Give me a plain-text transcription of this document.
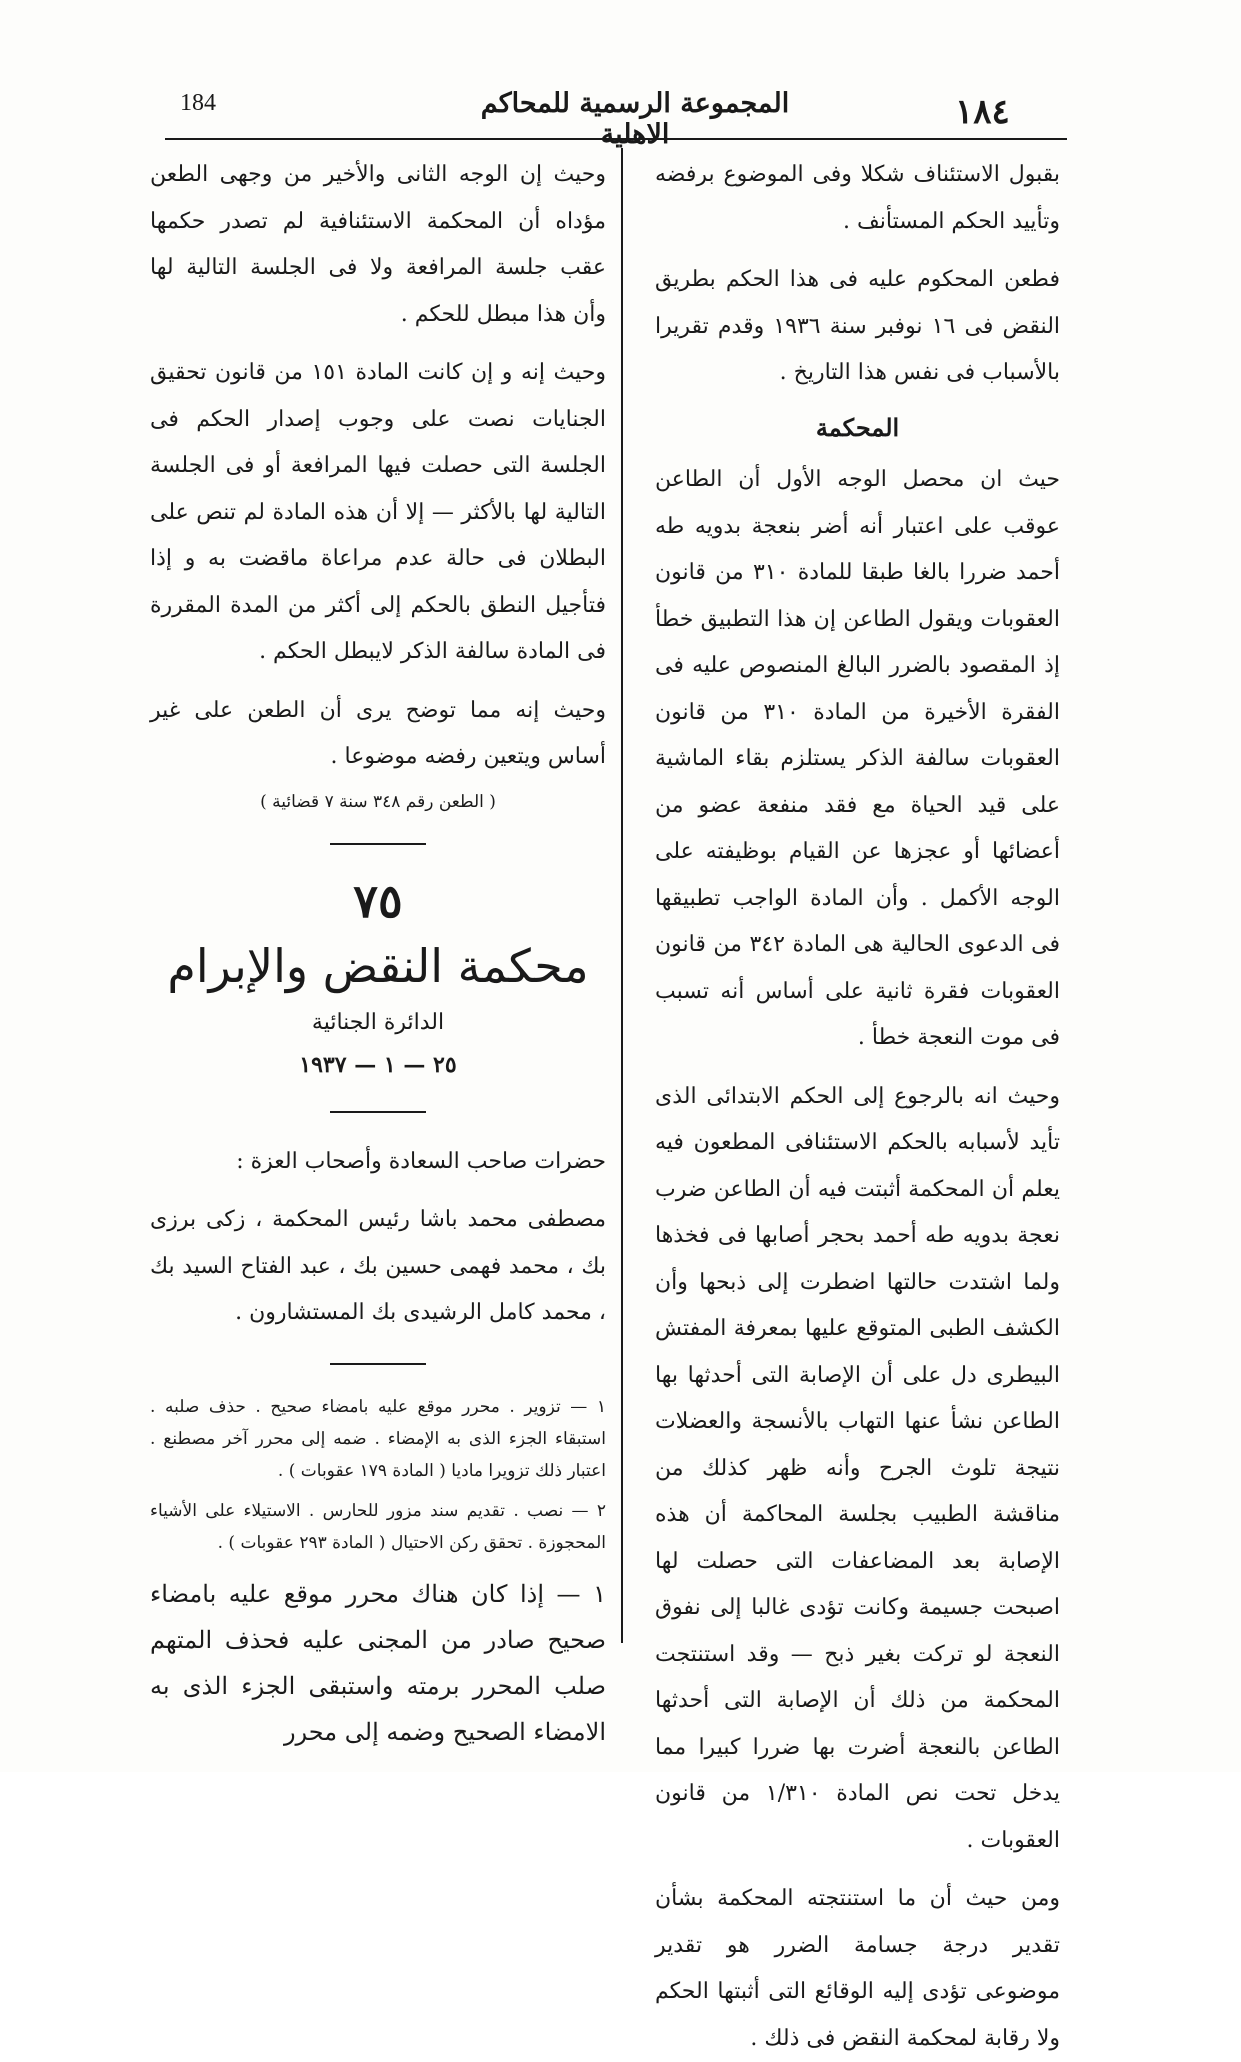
184	المجموعة الرسمية للمحاكم الاهلية
١٨٤

بقبول الاستئناف شكلا وفى الموضوع برفضه وتأييد الحكم المستأنف .

فطعن المحكوم عليه فى هذا الحكم بطريق النقض فى ١٦ نوفبر سنة ١٩٣٦ وقدم تقريرا بالأسباب فى نفس هذا التاريخ .

المحكمة

حيث ان محصل الوجه الأول أن الطاعن عوقب على اعتبار أنه أضر بنعجة بدويه طه أحمد ضررا بالغا طبقا للمادة ٣١٠ من قانون العقوبات ويقول الطاعن إن هذا التطبيق خطأ إذ المقصود بالضرر البالغ المنصوص عليه فى الفقرة الأخيرة من المادة ٣١٠ من قانون العقوبات سالفة الذكر يستلزم بقاء الماشية على قيد الحياة مع فقد منفعة عضو من أعضائها أو عجزها عن القيام بوظيفته على الوجه الأكمل . وأن المادة الواجب تطبيقها فى الدعوى الحالية هى المادة ٣٤٢ من قانون العقوبات فقرة ثانية على أساس أنه تسبب فى موت النعجة خطأ .

وحيث انه بالرجوع إلى الحكم الابتدائى الذى تأيد لأسبابه بالحكم الاستئنافى المطعون فيه يعلم أن المحكمة أثبتت فيه أن الطاعن ضرب نعجة بدويه طه أحمد بحجر أصابها فى فخذها ولما اشتدت حالتها اضطرت إلى ذبحها وأن الكشف الطبى المتوقع عليها بمعرفة المفتش البيطرى دل على أن الإصابة التى أحدثها بها الطاعن نشأ عنها التهاب بالأنسجة والعضلات نتيجة تلوث الجرح وأنه ظهر كذلك من مناقشة الطبيب بجلسة المحاكمة أن هذه الإصابة بعد المضاعفات التى حصلت لها اصبحت جسيمة وكانت تؤدى غالبا إلى نفوق النعجة لو تركت بغير ذبح — وقد استنتجت المحكمة من ذلك أن الإصابة التى أحدثها الطاعن بالنعجة أضرت بها ضررا كبيرا مما يدخل تحت نص المادة ١/٣١٠ من قانون العقوبات .

ومن حيث أن ما استنتجته المحكمة بشأن تقدير درجة جسامة الضرر هو تقدير موضوعى تؤدى إليه الوقائع التى أثبتها الحكم ولا رقابة لمحكمة النقض فى ذلك .

وحيث إن الوجه الثانى والأخير من وجهى الطعن مؤداه أن المحكمة الاستئنافية لم تصدر حكمها عقب جلسة المرافعة ولا فى الجلسة التالية لها وأن هذا مبطل للحكم .

وحيث إنه و إن كانت المادة ١٥١ من قانون تحقيق الجنايات نصت على وجوب إصدار الحكم فى الجلسة التى حصلت فيها المرافعة أو فى الجلسة التالية لها بالأكثر — إلا أن هذه المادة لم تنص على البطلان فى حالة عدم مراعاة ماقضت به و إذا فتأجيل النطق بالحكم إلى أكثر من المدة المقررة فى المادة سالفة الذكر لايبطل الحكم .

وحيث إنه مما توضح يرى أن الطعن على غير أساس ويتعين رفضه موضوعا .

( الطعن رقم ٣٤٨ سنة ٧ قضائية )
٧٥
محكمة النقض والإبرام
الدائرة الجنائية
٢٥ — ١ — ١٩٣٧

حضرات صاحب السعادة وأصحاب العزة :

مصطفى محمد باشا رئيس المحكمة ، زكى برزى بك ، محمد فهمى حسين بك ، عبد الفتاح السيد بك ، محمد كامل الرشيدى بك المستشارون .

١ — تزوير . محرر موقع عليه بامضاء صحيح . حذف صلبه . استبقاء الجزء الذى به الإمضاء . ضمه إلى محرر آخر مصطنع . اعتبار ذلك تزويرا ماديا ( المادة ١٧٩ عقوبات ) .

٢ — نصب . تقديم سند مزور للحارس . الاستيلاء على الأشياء المحجوزة . تحقق ركن الاحتيال ( المادة ٢٩٣ عقوبات ) .

١ — إذا كان هناك محرر موقع عليه بامضاء صحيح صادر من المجنى عليه فحذف المتهم صلب المحرر برمته واستبقى الجزء الذى به الامضاء الصحيح وضمه إلى محرر
